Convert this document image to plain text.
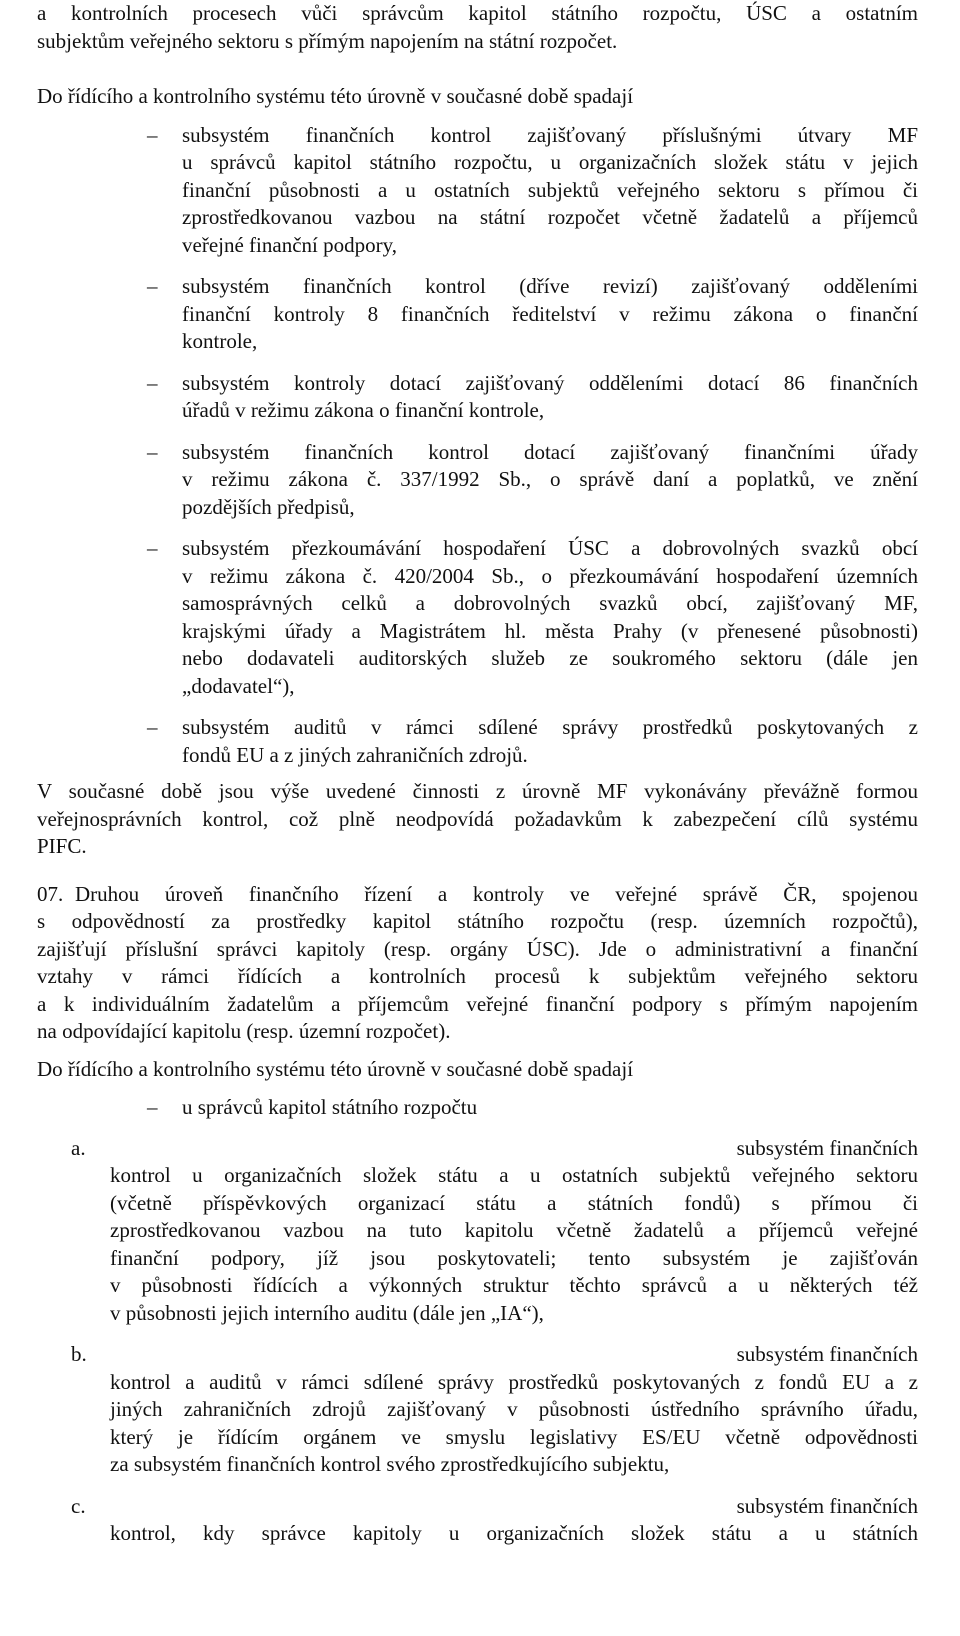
a kontrolních procesech vůči správcům kapitol státního rozpočtu, ÚSC a ostatním
subjektům veřejného sektoru s přímým napojením na státní rozpočet.
Do řídícího a kontrolního systému této úrovně v současné době spadají
–	subsystém finančních kontrol zajišťovaný příslušnými útvary MF
u správců kapitol státního rozpočtu, u organizačních složek státu v jejich
finanční působnosti a u ostatních subjektů veřejného sektoru s přímou či
zprostředkovanou vazbou na státní rozpočet včetně žadatelů a příjemců
veřejné finanční podpory,
–	subsystém finančních kontrol (dříve revizí) zajišťovaný odděleními
finanční kontroly 8 finančních ředitelství v režimu zákona o finanční
kontrole,
–	subsystém kontroly dotací zajišťovaný odděleními dotací 86 finančních
úřadů v režimu zákona o finanční kontrole,
–	subsystém finančních kontrol dotací zajišťovaný finančními úřady
v režimu zákona č. 337/1992 Sb., o správě daní a poplatků, ve znění
pozdějších předpisů,
–	subsystém přezkoumávání hospodaření ÚSC a dobrovolných svazků obcí
v režimu zákona č. 420/2004 Sb., o přezkoumávání hospodaření územních
samosprávných celků a dobrovolných svazků obcí, zajišťovaný MF,
krajskými úřady a Magistrátem hl. města Prahy (v přenesené působnosti)
nebo dodavateli auditorských služeb ze soukromého sektoru (dále jen
„dodavatel“),
–	subsystém auditů v rámci sdílené správy prostředků poskytovaných z
fondů EU a z jiných zahraničních zdrojů.
V současné době jsou výše uvedené činnosti z úrovně MF vykonávány převážně formou
veřejnosprávních kontrol, což plně neodpovídá požadavkům k zabezpečení cílů systému
PIFC.
07. Druhou úroveň finančního řízení a kontroly ve veřejné správě ČR, spojenou
s odpovědností za prostředky kapitol státního rozpočtu (resp. územních rozpočtů),
zajišťují příslušní správci kapitoly (resp. orgány ÚSC). Jde o administrativní a finanční
vztahy v rámci řídících a kontrolních procesů k subjektům veřejného sektoru
a k individuálním žadatelům a příjemcům veřejné finanční podpory s přímým napojením
na odpovídající kapitolu (resp. územní rozpočet).
Do řídícího a kontrolního systému této úrovně v současné době spadají
–	u správců kapitol státního rozpočtu
a.	subsystém finančních
kontrol u organizačních složek státu a u ostatních subjektů veřejného sektoru
(včetně příspěvkových organizací státu a státních fondů) s přímou či
zprostředkovanou vazbou na tuto kapitolu včetně žadatelů a příjemců veřejné
finanční podpory, jíž jsou poskytovateli; tento subsystém je zajišťován
v působnosti řídících a výkonných struktur těchto správců a u některých též
v působnosti jejich interního auditu (dále jen „IA“),
b.	subsystém finančních
kontrol a auditů v rámci sdílené správy prostředků poskytovaných z fondů EU a z
jiných zahraničních zdrojů zajišťovaný v působnosti ústředního správního úřadu,
který je řídícím orgánem ve smyslu legislativy ES/EU včetně odpovědnosti
za subsystém finančních kontrol svého zprostředkujícího subjektu,
c.	subsystém finančních
kontrol, kdy správce kapitoly u organizačních složek státu a u státních
